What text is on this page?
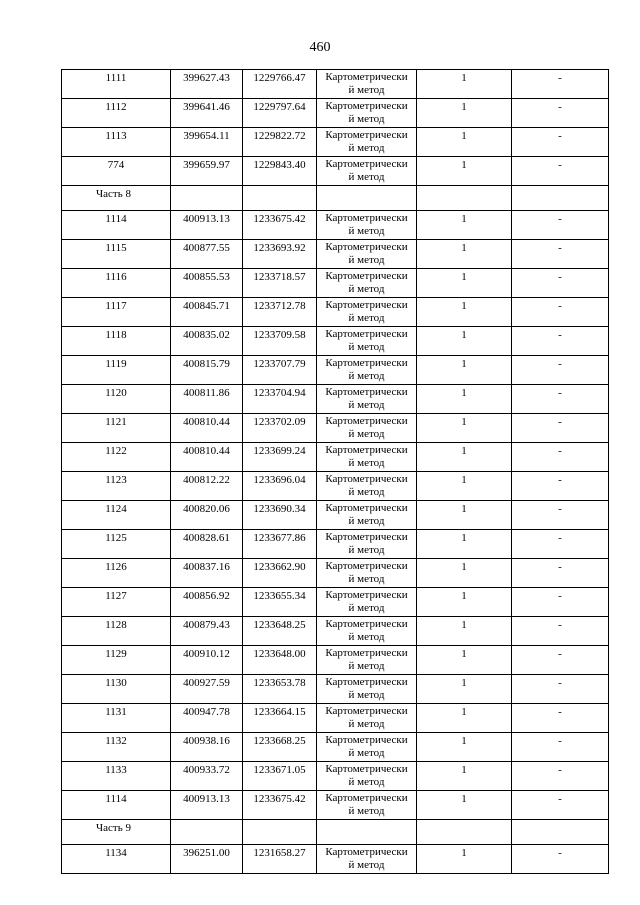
460
1111	399627.43	1229766.47	Картометрически
й метод	1	-
1112	399641.46	1229797.64	Картометрически
й метод	1	-
1113	399654.11	1229822.72	Картометрически
й метод	1	-
774	399659.97	1229843.40	Картометрически
й метод	1	-
Часть 8					
1114	400913.13	1233675.42	Картометрически
й метод	1	-
1115	400877.55	1233693.92	Картометрически
й метод	1	-
1116	400855.53	1233718.57	Картометрически
й метод	1	-
1117	400845.71	1233712.78	Картометрически
й метод	1	-
1118	400835.02	1233709.58	Картометрически
й метод	1	-
1119	400815.79	1233707.79	Картометрически
й метод	1	-
1120	400811.86	1233704.94	Картометрически
й метод	1	-
1121	400810.44	1233702.09	Картометрически
й метод	1	-
1122	400810.44	1233699.24	Картометрически
й метод	1	-
1123	400812.22	1233696.04	Картометрически
й метод	1	-
1124	400820.06	1233690.34	Картометрически
й метод	1	-
1125	400828.61	1233677.86	Картометрически
й метод	1	-
1126	400837.16	1233662.90	Картометрически
й метод	1	-
1127	400856.92	1233655.34	Картометрически
й метод	1	-
1128	400879.43	1233648.25	Картометрически
й метод	1	-
1129	400910.12	1233648.00	Картометрически
й метод	1	-
1130	400927.59	1233653.78	Картометрически
й метод	1	-
1131	400947.78	1233664.15	Картометрически
й метод	1	-
1132	400938.16	1233668.25	Картометрически
й метод	1	-
1133	400933.72	1233671.05	Картометрически
й метод	1	-
1114	400913.13	1233675.42	Картометрически
й метод	1	-
Часть 9					
1134	396251.00	1231658.27	Картометрически
й метод	1	-
